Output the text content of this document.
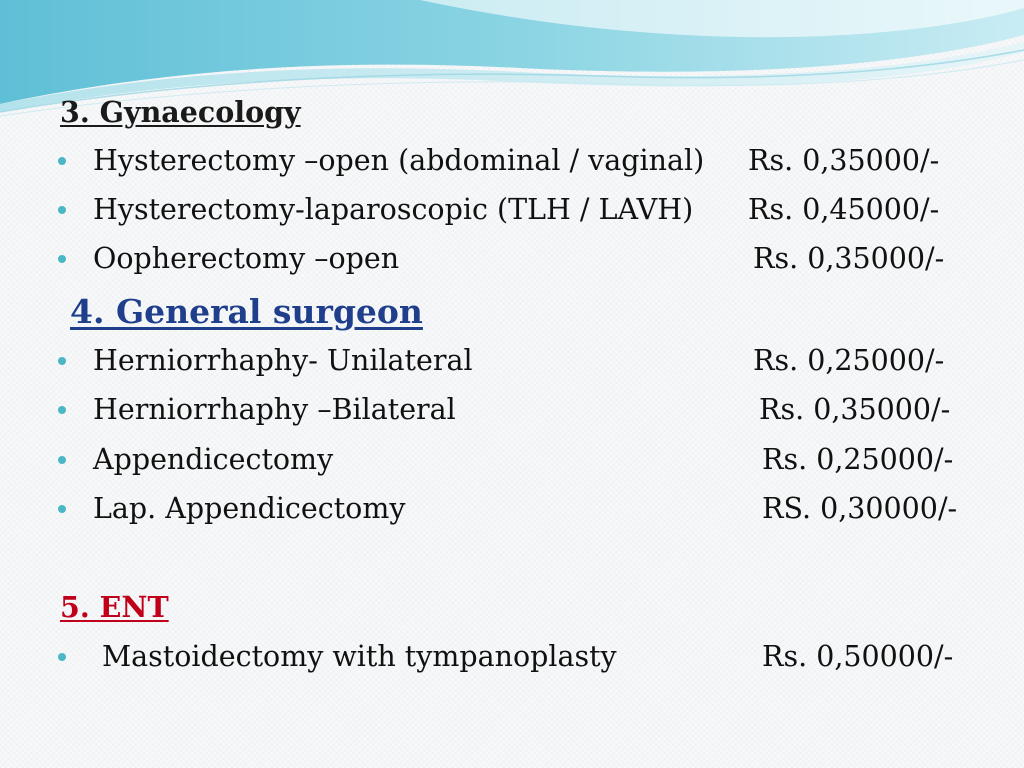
3. Gynaecology
Hysterectomy –open (abdominal / vaginal) Rs. 0,35000/-
Hysterectomy-laparoscopic (TLH / LAVH) Rs. 0,45000/-
Oopherectomy –open	Rs. 0,35000/-
4. General surgeon
Herniorrhaphy- Unilateral	Rs. 0,25000/-
Herniorrhaphy –Bilateral	Rs. 0,35000/-
Appendicectomy	Rs. 0,25000/-
Lap. Appendicectomy	RS. 0,30000/-
5. ENT
Mastoidectomy with tympanoplasty	Rs. 0,50000/-
